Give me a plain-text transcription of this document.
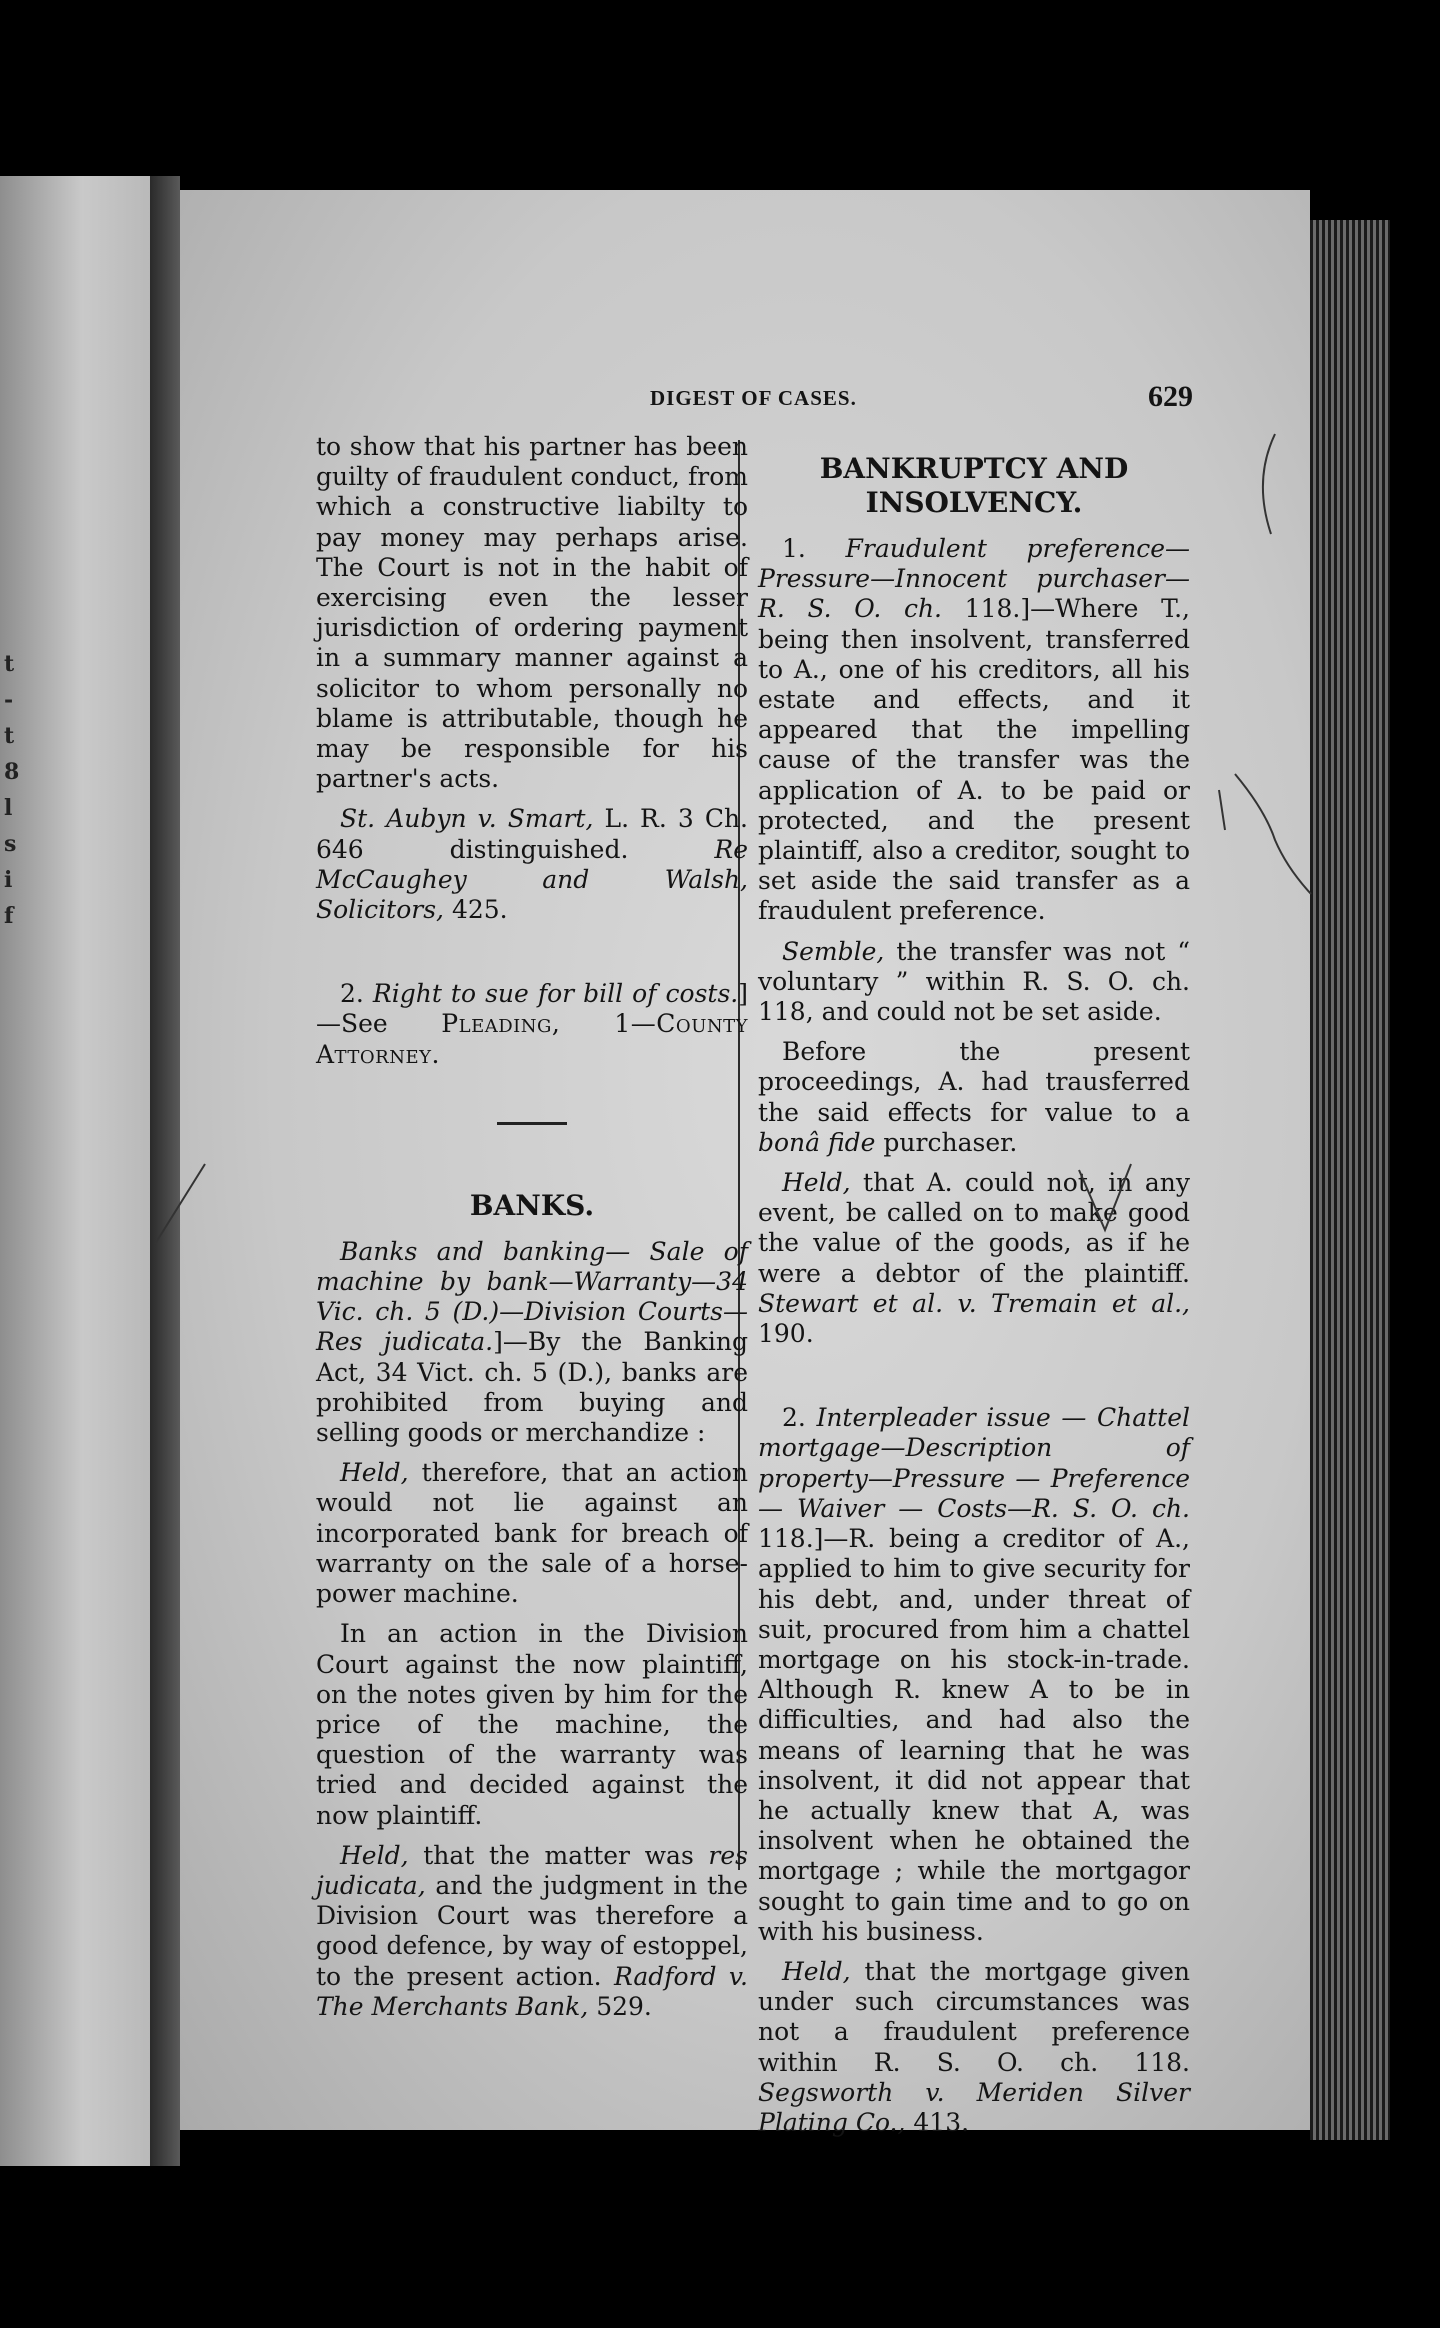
t
-
t
8
l
s
i
f
DIGEST OF CASES.	629

to show that his partner has been guilty of fraudulent conduct, from which a constructive liabilty to pay money may perhaps arise. The Court is not in the habit of exercising even the lesser jurisdiction of ordering payment in a summary manner against a solicitor to whom personally no blame is attributable, though he may be responsible for his partner's acts.

St. Aubyn v. Smart, L. R. 3 Ch. 646 distinguished. Re McCaughey and Walsh, Solicitors, 425.

2. Right to sue for bill of costs.]—See Pleading, 1—County Attorney.

BANKS.

Banks and banking— Sale of machine by bank—Warranty—34 Vic. ch. 5 (D.)—Division Courts—Res judicata.]—By the Banking Act, 34 Vict. ch. 5 (D.), banks are prohibited from buying and selling goods or merchandize :

Held, therefore, that an action would not lie against an incorporated bank for breach of warranty on the sale of a horse-power machine.

In an action in the Division Court against the now plaintiff, on the notes given by him for the price of the machine, the question of the warranty was tried and decided against the now plaintiff.

Held, that the matter was res judicata, and the judgment in the Division Court was therefore a good defence, by way of estoppel, to the present action. Radford v. The Merchants Bank, 529.

BANKRUPTCY AND INSOLVENCY.

1. Fraudulent preference—Pressure—Innocent purchaser—R. S. O. ch. 118.]—Where T., being then insolvent, transferred to A., one of his creditors, all his estate and effects, and it appeared that the impelling cause of the transfer was the application of A. to be paid or protected, and the present plaintiff, also a creditor, sought to set aside the said transfer as a fraudulent preference.

Semble, the transfer was not “ voluntary ” within R. S. O. ch. 118, and could not be set aside.

Before the present proceedings, A. had trausferred the said effects for value to a bonâ fide purchaser.

Held, that A. could not, in any event, be called on to make good the value of the goods, as if he were a debtor of the plaintiff. Stewart et al. v. Tremain et al., 190.

2. Interpleader issue — Chattel mortgage—Description of property—Pressure — Preference — Waiver — Costs—R. S. O. ch. 118.]—R. being a creditor of A., applied to him to give security for his debt, and, under threat of suit, procured from him a chattel mortgage on his stock-in-trade. Although R. knew A to be in difficulties, and had also the means of learning that he was insolvent, it did not appear that he actually knew that A, was insolvent when he obtained the mortgage ; while the mortgagor sought to gain time and to go on with his business.

Held, that the mortgage given under such circumstances was not a fraudulent preference within R. S. O. ch. 118. Segsworth v. Meriden Silver Plating Co., 413.
